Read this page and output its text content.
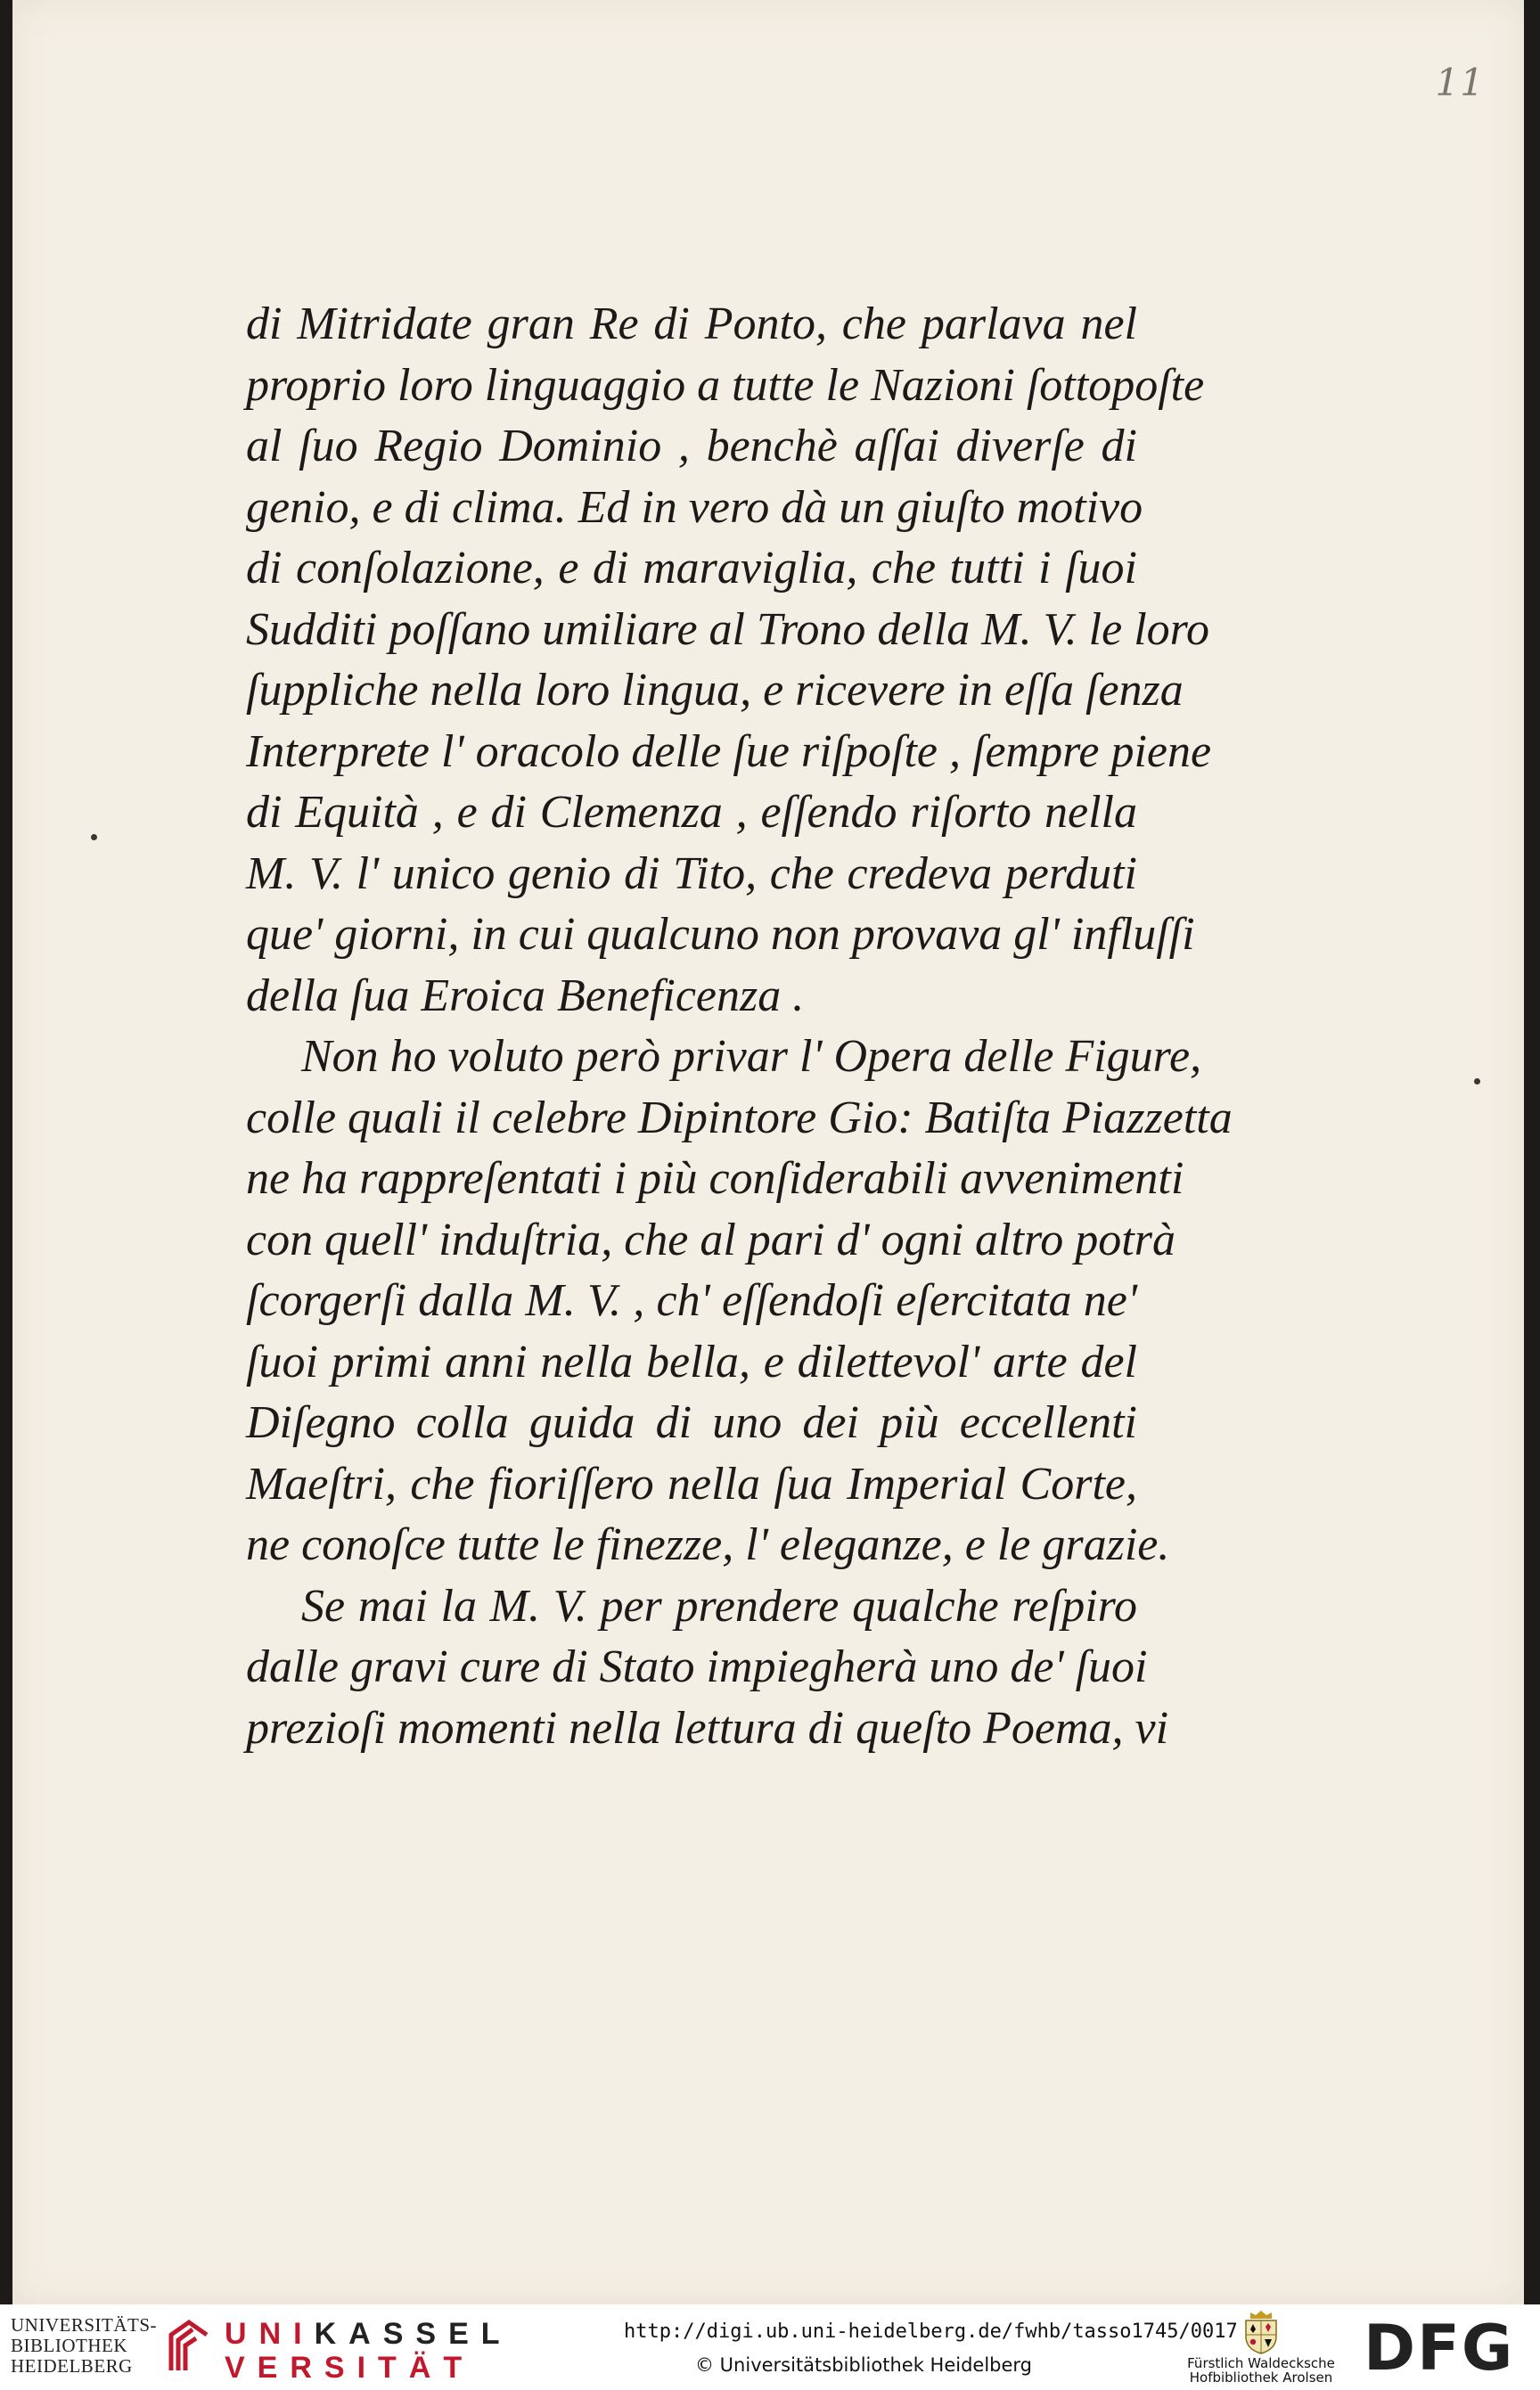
11
di Mitridate gran Re di Ponto, che parlava nel
proprio loro linguaggio a tutte le Nazioni ſottopoſte
al ſuo Regio Dominio , benchè aſſai diverſe di
genio, e di clima. Ed in vero dà un giuſto motivo
di conſolazione, e di maraviglia, che tutti i ſuoi
Sudditi poſſano umiliare al Trono della M. V. le loro
ſuppliche nella loro lingua, e ricevere in eſſa ſenza
Interprete l' oracolo delle ſue riſpoſte , ſempre piene
di Equità , e di Clemenza , eſſendo riſorto nella
M. V. l' unico genio di Tito, che credeva perduti
que' giorni, in cui qualcuno non provava gl' influſſi
della ſua Eroica Beneficenza .
Non ho voluto però privar l' Opera delle Figure,
colle quali il celebre Dipintore Gio: Batiſta Piazzetta
ne ha rappreſentati i più conſiderabili avvenimenti
con quell' induſtria, che al pari d' ogni altro potrà
ſcorgerſi dalla M. V. , ch' eſſendoſi eſercitata ne'
ſuoi primi anni nella bella, e dilettevol' arte del
Diſegno colla guida di uno dei più eccellenti
Maeſtri, che fioriſſero nella ſua Imperial Corte,
ne conoſce tutte le finezze, l' eleganze, e le grazie.
Se mai la M. V. per prendere qualche reſpiro
dalle gravi cure di Stato impiegherà uno de' ſuoi
prezioſi momenti nella lettura di queſto Poema, vi
UNIVERSITÄTS-
BIBLIOTHEK
HEIDELBERG
UNIKASSEL
VERSITÄT
http://digi.ub.uni-heidelberg.de/fwhb/tasso1745/0017
© Universitätsbibliothek Heidelberg	Fürstlich Waldecksche
Hofbibliothek Arolsen DFG
